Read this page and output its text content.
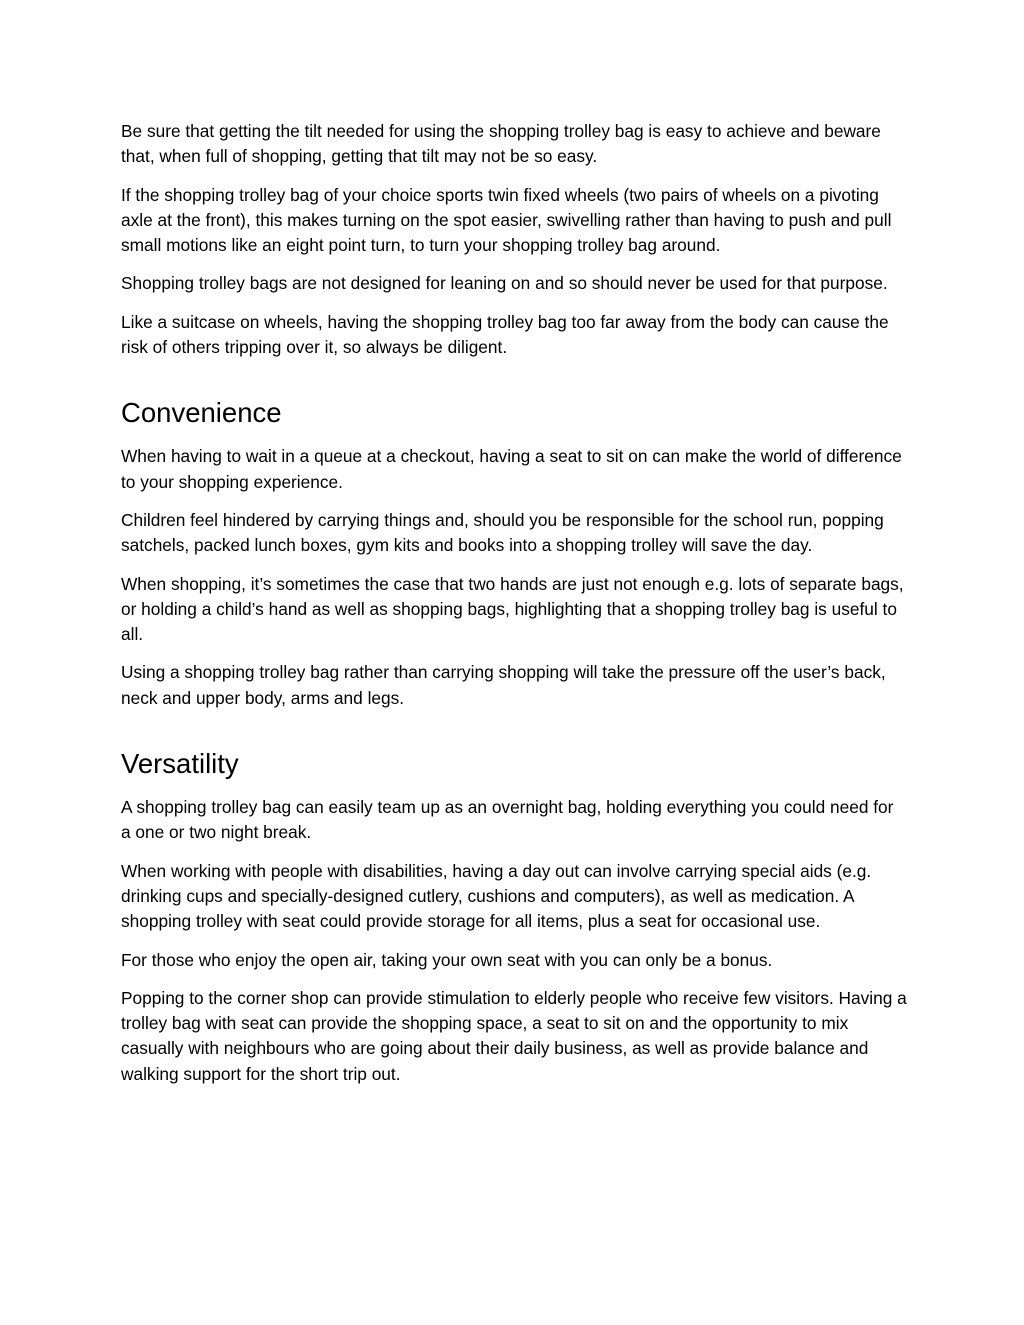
Be sure that getting the tilt needed for using the shopping trolley bag is easy to achieve and beware that, when full of shopping, getting that tilt may not be so easy.

If the shopping trolley bag of your choice sports twin fixed wheels (two pairs of wheels on a pivoting axle at the front), this makes turning on the spot easier, swivelling rather than having to push and pull small motions like an eight point turn, to turn your shopping trolley bag around.

Shopping trolley bags are not designed for leaning on and so should never be used for that purpose.

Like a suitcase on wheels, having the shopping trolley bag too far away from the body can cause the risk of others tripping over it, so always be diligent.

Convenience

When having to wait in a queue at a checkout, having a seat to sit on can make the world of difference to your shopping experience.

Children feel hindered by carrying things and, should you be responsible for the school run, popping satchels, packed lunch boxes, gym kits and books into a shopping trolley will save the day.

When shopping, it’s sometimes the case that two hands are just not enough e.g. lots of separate bags, or holding a child’s hand as well as shopping bags, highlighting that a shopping trolley bag is useful to all.

Using a shopping trolley bag rather than carrying shopping will take the pressure off the user’s back, neck and upper body, arms and legs.

Versatility

A shopping trolley bag can easily team up as an overnight bag, holding everything you could need for a one or two night break.

When working with people with disabilities, having a day out can involve carrying special aids (e.g. drinking cups and specially-designed cutlery, cushions and computers), as well as medication. A shopping trolley with seat could provide storage for all items, plus a seat for occasional use.

For those who enjoy the open air, taking your own seat with you can only be a bonus.

Popping to the corner shop can provide stimulation to elderly people who receive few visitors. Having a trolley bag with seat can provide the shopping space, a seat to sit on and the opportunity to mix casually with neighbours who are going about their daily business, as well as provide balance and walking support for the short trip out.
